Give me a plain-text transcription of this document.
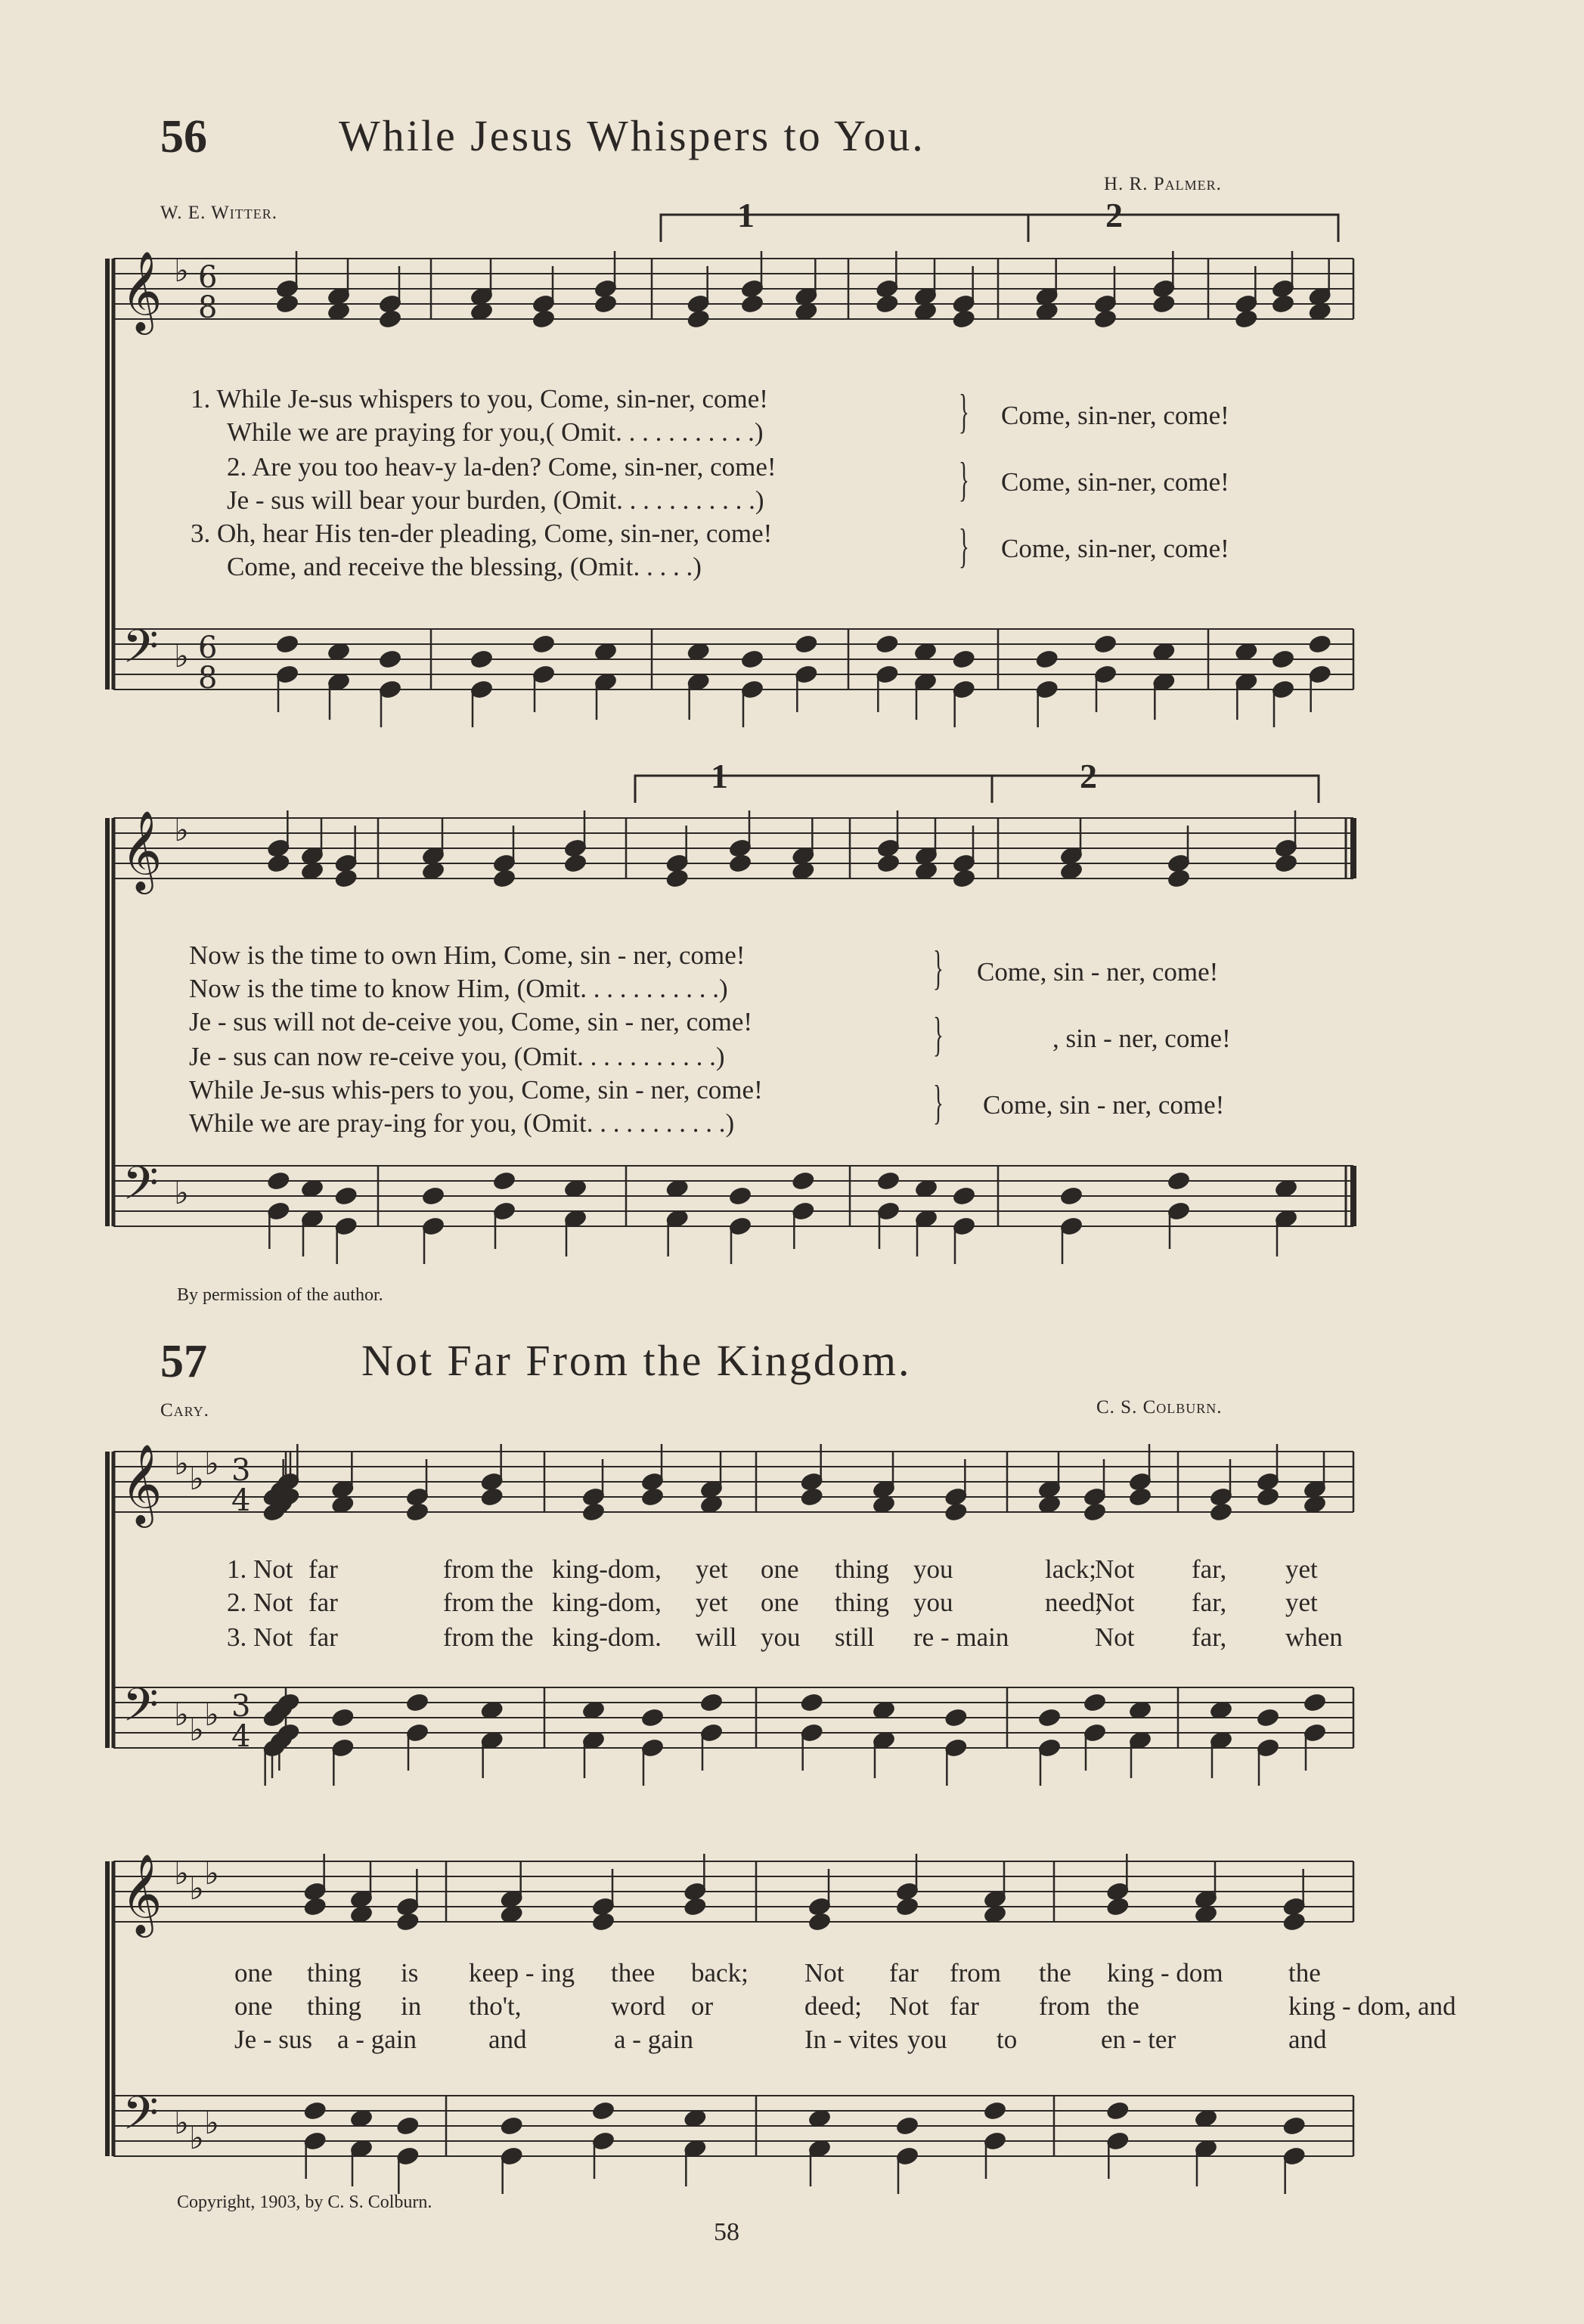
56	While Jesus Whispers to You.
H. R. Palmer.
W. E. Witter.	1	2
1	2
𝄞
𝄢
♭
♭
6
8
6
8
𝄞
𝄢
♭
♭
𝄞
𝄢
♭
♭
♭
♭
♭
♭
3
4
3
4
𝄞
𝄢
♭
♭
♭
♭
♭
♭
1. While Je-sus whispers to you, Come, sin-ner, come!
While we are praying for you,( Omit. . . . . . . . . . .)	} Come, sin-ner, come!
2. Are you too heav-y la-den? Come, sin-ner, come!
Je - sus will bear your burden, (Omit. . . . . . . . . . .)	} Come, sin-ner, come!
3. Oh, hear His ten-der pleading, Come, sin-ner, come!
Come, and receive the blessing, (Omit. . . . .)	} Come, sin-ner, come!
Now is the time to own Him, Come, sin - ner, come!
Now is the time to know Him, (Omit. . . . . . . . . . .)	} Come, sin - ner, come!
Je - sus will not de-ceive you, Come, sin - ner, come!
Je - sus can now re-ceive you, (Omit. . . . . . . . . . .)	}	, sin - ner, come!
While Je-sus whis-pers to you, Come, sin - ner, come!
While we are pray-ing for you, (Omit. . . . . . . . . . .)	} Come, sin - ner, come!
By permission of the author.
57	Not Far From the Kingdom.
Cary.	C. S. Colburn.
Copyright, 1903, by C. S. Colburn.
58
1. Not far	from the king-dom, yet one thing you	lack;
Not far, yet
2. Not far	from the king-dom, yet one thing you	need;
Not far, yet
3. Not far	from the king-dom. will you still re - main	Not far, when
one thing is keep - ing thee back; Not far from the king - dom the
one thing in tho't,	word or	deed; Not far from the	king - dom, and
Je - sus a - gain	and	a - gain	In - vites you to	en - ter	and
